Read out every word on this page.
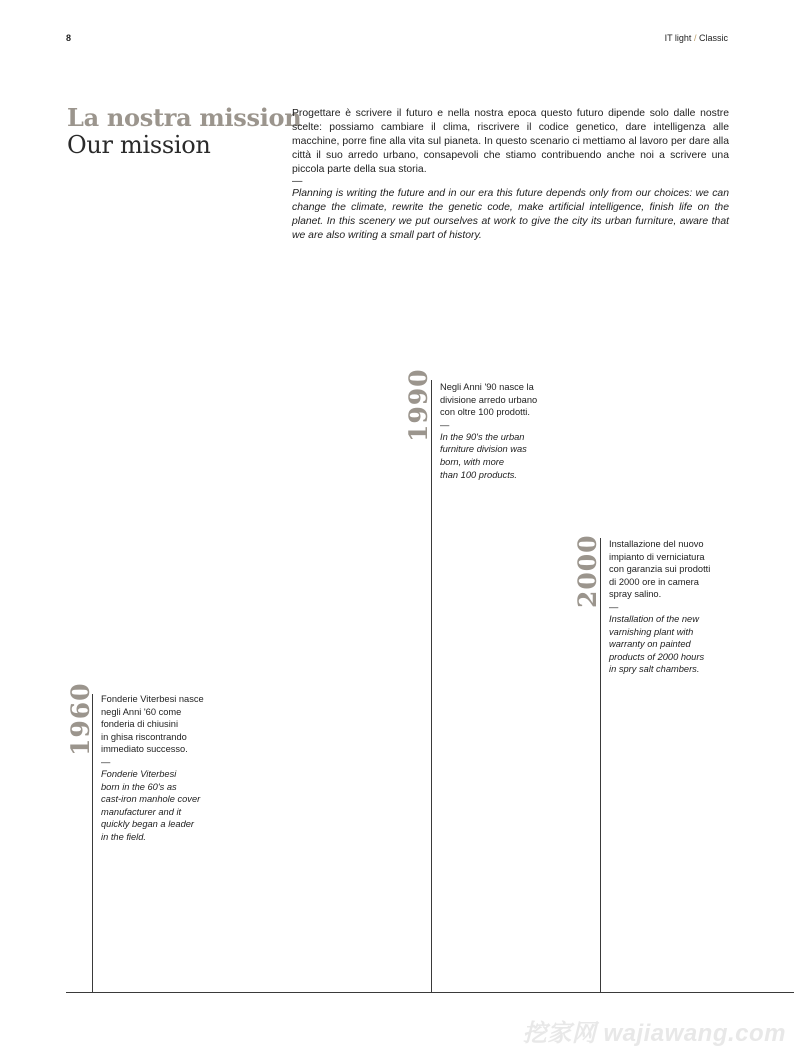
8	IT light / Classic
La nostra mission
Our mission

Progettare è scrivere il futuro e nella nostra epoca questo futuro dipende solo dalle nostre scelte: possiamo cambiare il clima, riscrivere il codice genetico, dare intelligenza alle macchine, porre fine alla vita sul pianeta. In questo scenario ci mettiamo al lavoro per dare alla città il suo arredo urbano, consapevoli che stiamo contribuendo anche noi a scrivere una piccola parte della sua storia.

—

Planning is writing the future and in our era this future depends only from our choices: we can change the climate, rewrite the genetic code, make artificial intelligence, finish life on the planet. In this scenery we put ourselves at work to give the city its urban furniture, aware that we are also writing a small part of history.

1960
1990
2000

Fonderie Viterbesi nasce

negli Anni '60 come

fonderia di chiusini

in ghisa riscontrando

immediato successo.

—

Fonderie Viterbesi

born in the 60's as

cast-iron manhole cover

manufacturer and it

quickly began a leader

in the field.

Negli Anni '90 nasce la

divisione arredo urbano

con oltre 100 prodotti.

—

In the 90's the urban

furniture division was

born, with more

than 100 products.

Installazione del nuovo

impianto di verniciatura

con garanzia sui prodotti

di 2000 ore in camera

spray salino.

—

Installation of the new

varnishing plant with

warranty on painted

products of 2000 hours

in spry salt chambers.

挖家网 wajiawang.com
